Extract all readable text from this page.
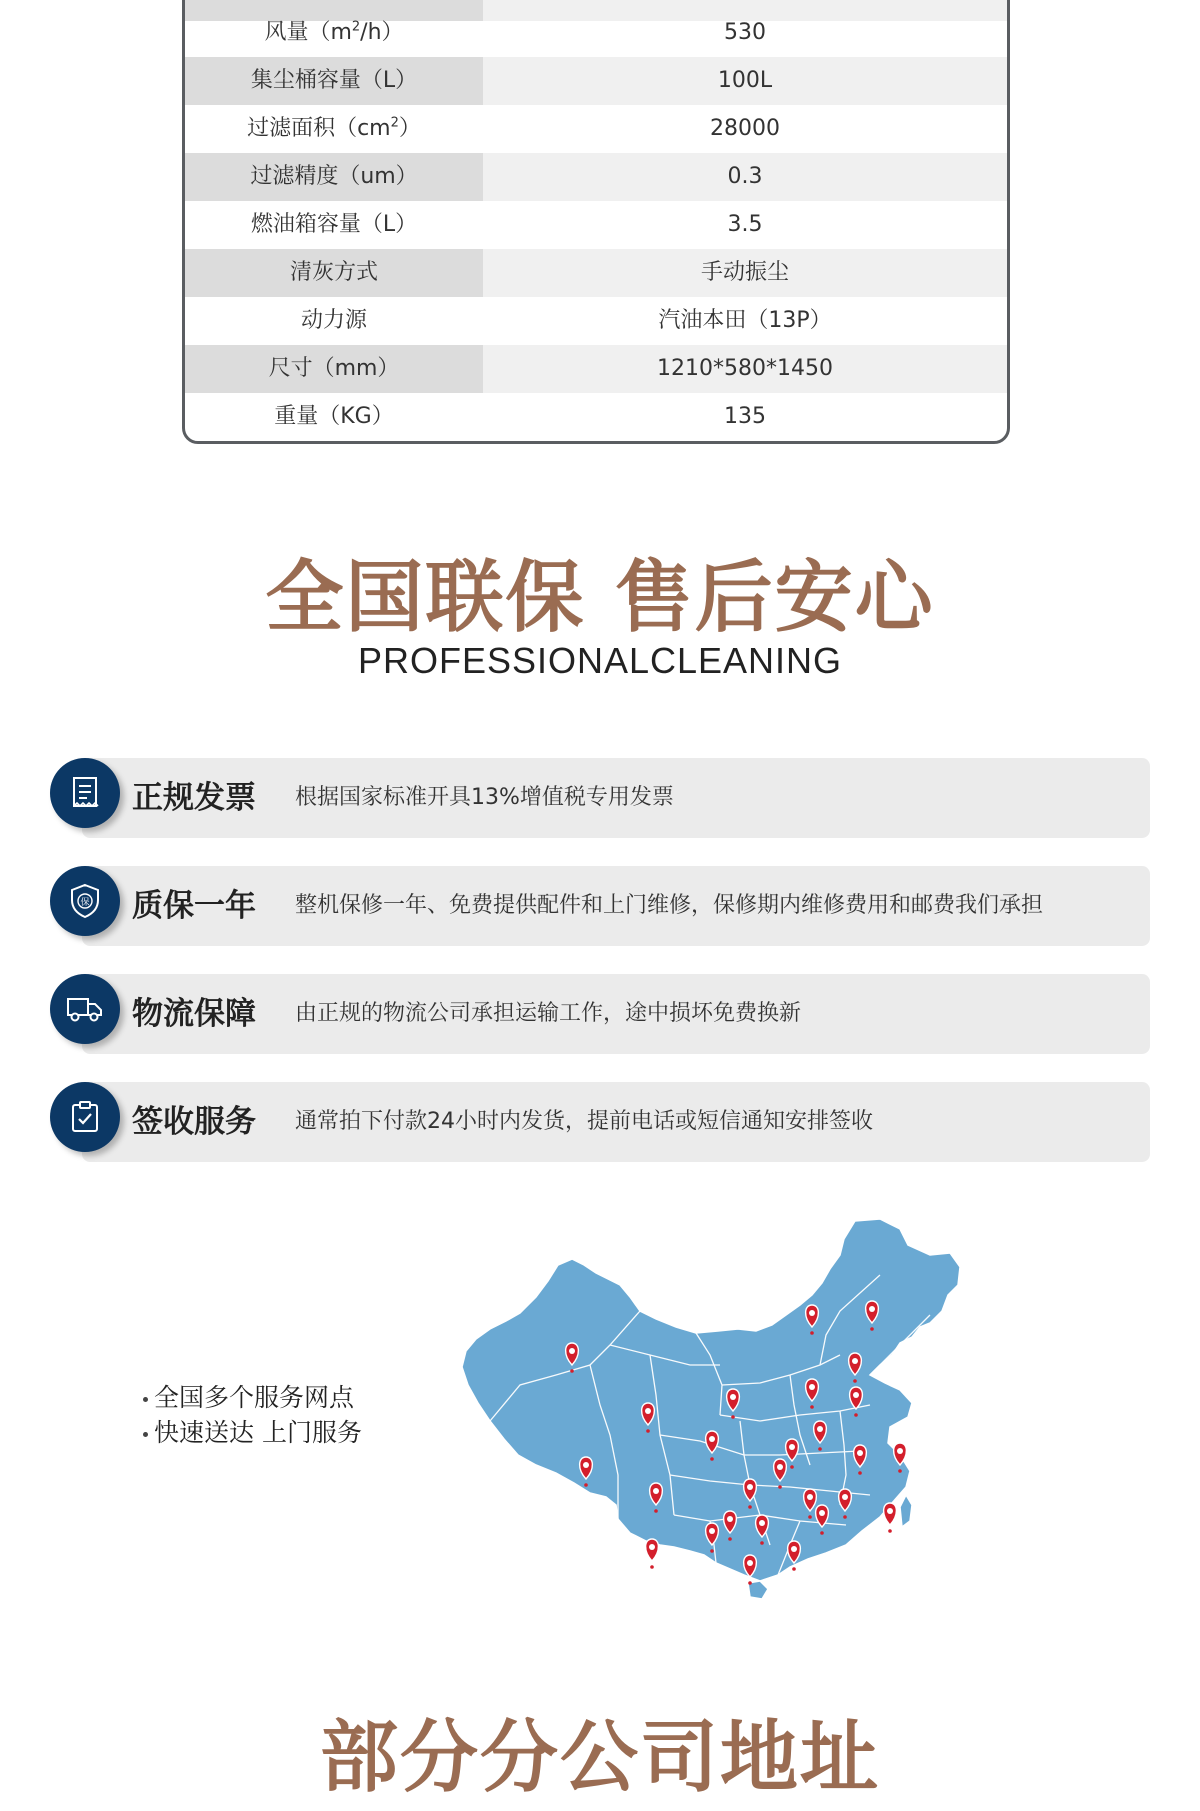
风量$(m^2/h)$	530
集尘桶容量（L）	100L
过滤面积$(cm^2)$	28000
过滤精度（um）	0.3
燃油箱容量（L）	3.5
清灰方式	手动振尘
动力源	汽油本田（13P）
尺寸（mm）	1210*580*1450
重量（KG）	135
全国联保 售后安心
PROFESSIONALCLEANING
正规发票 根据国家标准开具13%增值税专用发票
保 质保一年 整机保修一年、免费提供配件和上门维修，保修期内维修费用和邮费我们承担
物流保障 由正规的物流公司承担运输工作，途中损坏免费换新
签收服务 通常拍下付款24小时内发货，提前电话或短信通知安排签收
全国多个服务网点
快速送达 上门服务
部分分公司地址
